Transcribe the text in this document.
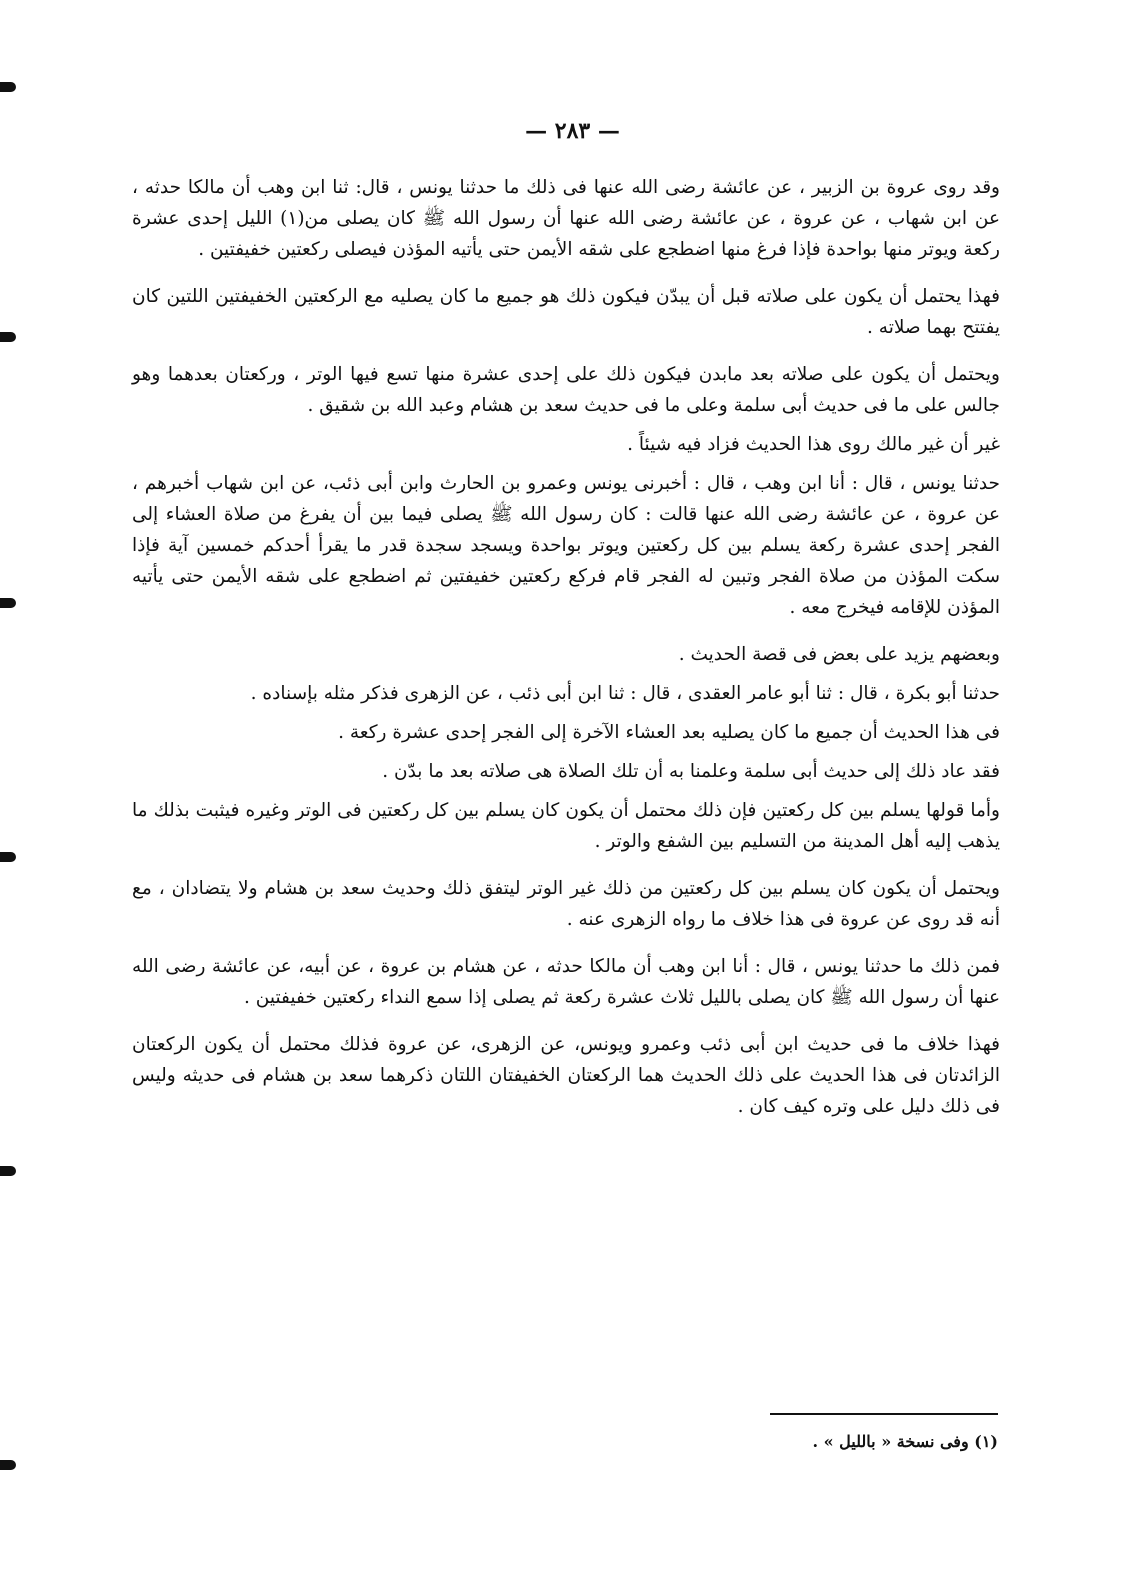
— ٢٨٣ —

وقد روى عروة بن الزبير ، عن عائشة رضى الله عنها فى ذلك ما حدثنا يونس ، قال: ثنا ابن وهب أن مالكا حدثه ، عن ابن شهاب ، عن عروة ، عن عائشة رضى الله عنها أن رسول الله ﷺ كان يصلى من(١) الليل إحدى عشرة ركعة ويوتر منها بواحدة فإذا فرغ منها اضطجع على شقه الأيمن حتى يأتيه المؤذن فيصلى ركعتين خفيفتين .

فهذا يحتمل أن يكون على صلاته قبل أن يبدّن فيكون ذلك هو جميع ما كان يصليه مع الركعتين الخفيفتين اللتين كان يفتتح بهما صلاته .

ويحتمل أن يكون على صلاته بعد مابدن فيكون ذلك على إحدى عشرة منها تسع فيها الوتر ، وركعتان بعدهما وهو جالس على ما فى حديث أبى سلمة وعلى ما فى حديث سعد بن هشام وعبد الله بن شقيق .

غير أن غير مالك روى هذا الحديث فزاد فيه شيئاً .

حدثنا يونس ، قال : أنا ابن وهب ، قال : أخبرنى يونس وعمرو بن الحارث وابن أبى ذئب، عن ابن شهاب أخبرهم ، عن عروة ، عن عائشة رضى الله عنها قالت : كان رسول الله ﷺ يصلى فيما بين أن يفرغ من صلاة العشاء إلى الفجر إحدى عشرة ركعة يسلم بين كل ركعتين ويوتر بواحدة ويسجد سجدة قدر ما يقرأ أحدكم خمسين آية فإذا سكت المؤذن من صلاة الفجر وتبين له الفجر قام فركع ركعتين خفيفتين ثم اضطجع على شقه الأيمن حتى يأتيه المؤذن للإقامه فيخرج معه .

وبعضهم يزيد على بعض فى قصة الحديث .

حدثنا أبو بكرة ، قال : ثنا أبو عامر العقدى ، قال : ثنا ابن أبى ذئب ، عن الزهرى فذكر مثله بإسناده .

فى هذا الحديث أن جميع ما كان يصليه بعد العشاء الآخرة إلى الفجر إحدى عشرة ركعة .

فقد عاد ذلك إلى حديث أبى سلمة وعلمنا به أن تلك الصلاة هى صلاته بعد ما بدّن .

وأما قولها يسلم بين كل ركعتين فإن ذلك محتمل أن يكون كان يسلم بين كل ركعتين فى الوتر وغيره فيثبت بذلك ما يذهب إليه أهل المدينة من التسليم بين الشفع والوتر .

ويحتمل أن يكون كان يسلم بين كل ركعتين من ذلك غير الوتر ليتفق ذلك وحديث سعد بن هشام ولا يتضادان ، مع أنه قد روى عن عروة فى هذا خلاف ما رواه الزهرى عنه .

فمن ذلك ما حدثنا يونس ، قال : أنا ابن وهب أن مالكا حدثه ، عن هشام بن عروة ، عن أبيه، عن عائشة رضى الله عنها أن رسول الله ﷺ كان يصلى بالليل ثلاث عشرة ركعة ثم يصلى إذا سمع النداء ركعتين خفيفتين .

فهذا خلاف ما فى حديث ابن أبى ذئب وعمرو ويونس، عن الزهرى، عن عروة فذلك محتمل أن يكون الركعتان الزائدتان فى هذا الحديث على ذلك الحديث هما الركعتان الخفيفتان اللتان ذكرهما سعد بن هشام فى حديثه وليس فى ذلك دليل على وتره كيف كان .

(١) وفى نسخة « بالليل » .
